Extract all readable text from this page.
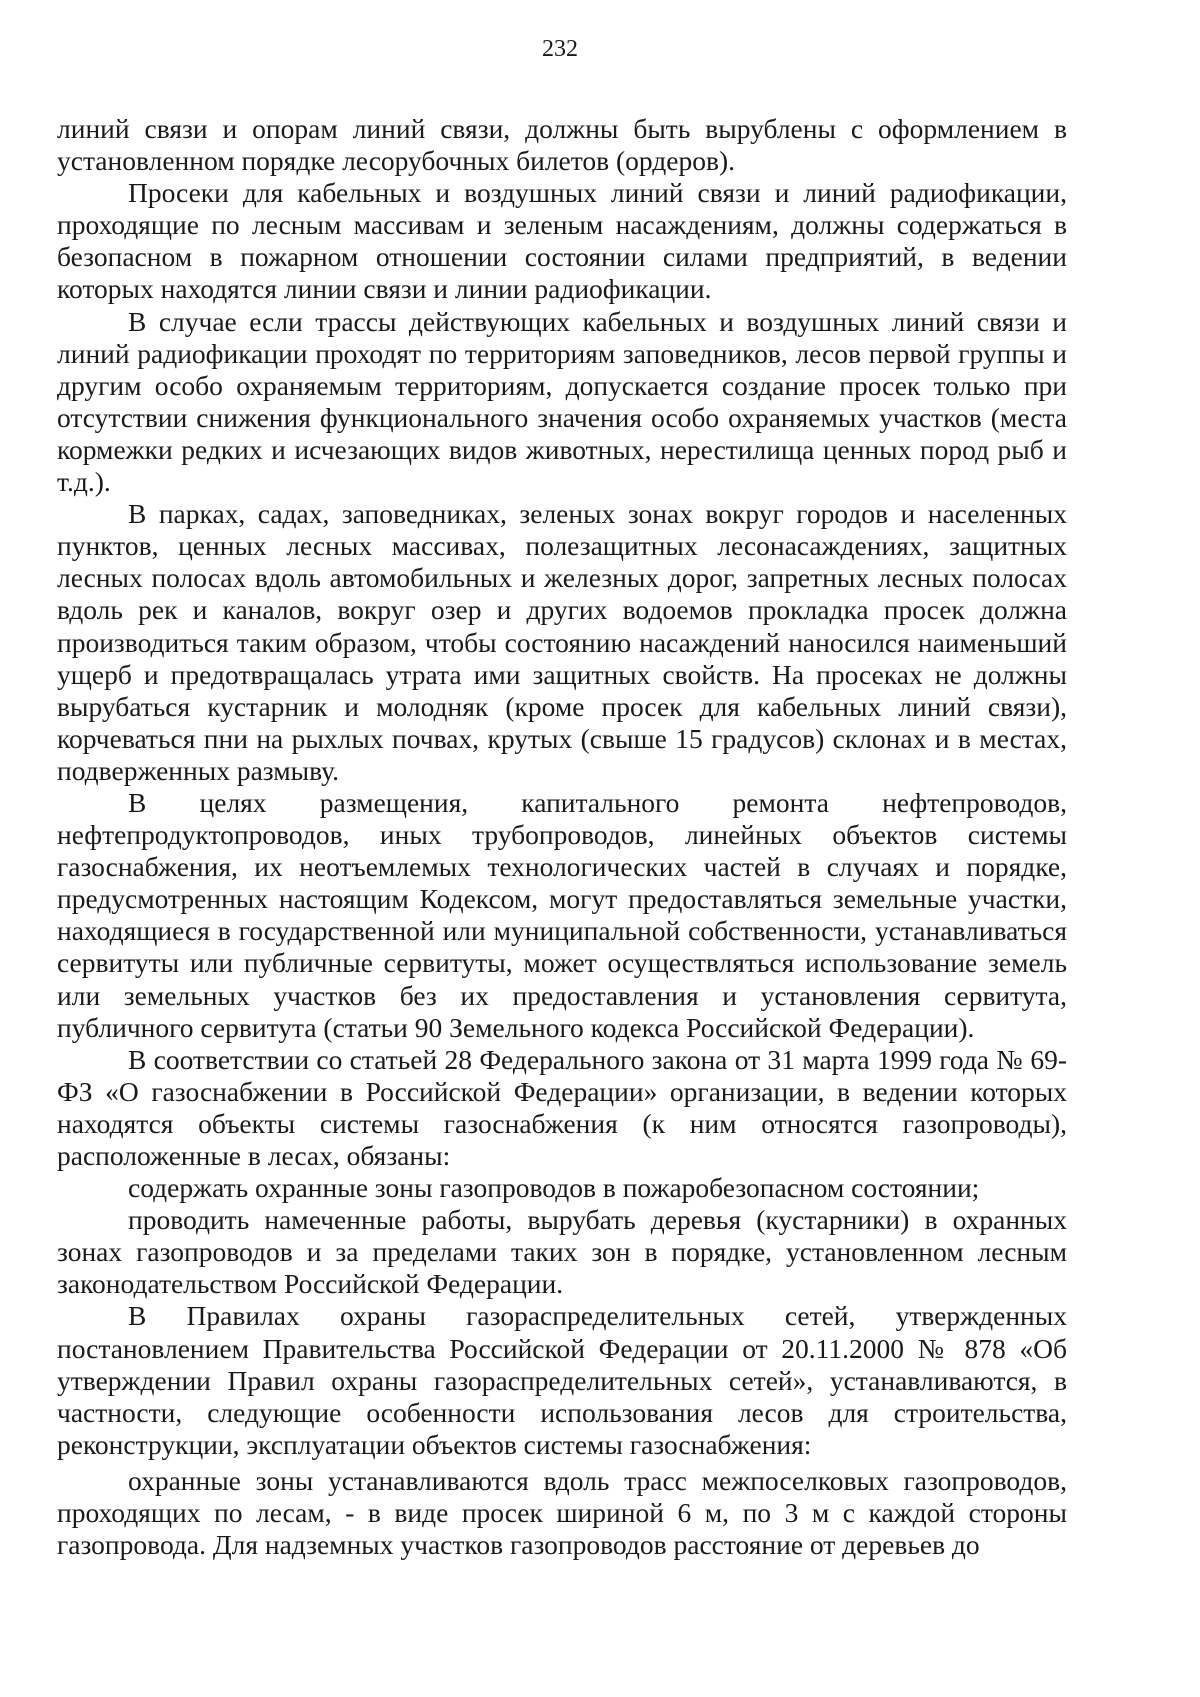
232

линий связи и опорам линий связи, должны быть вырублены с оформлением в установленном порядке лесорубочных билетов (ордеров).

Просеки для кабельных и воздушных линий связи и линий радиофикации, проходящие по лесным массивам и зеленым насаждениям, должны содержаться в безопасном в пожарном отношении состоянии силами предприятий, в ведении которых находятся линии связи и линии радиофикации.

В случае если трассы действующих кабельных и воздушных линий связи и линий радиофикации проходят по территориям заповедников, лесов первой группы и другим особо охраняемым территориям, допускается создание просек только при отсутствии снижения функционального значения особо охраняемых участков (места кормежки редких и исчезающих видов животных, нерестилища ценных пород рыб и т.д.).

В парках, садах, заповедниках, зеленых зонах вокруг городов и населенных пунктов, ценных лесных массивах, полезащитных лесонасаждениях, защитных лесных полосах вдоль автомобильных и железных дорог, запретных лесных полосах вдоль рек и каналов, вокруг озер и других водоемов прокладка просек должна производиться таким образом, чтобы состоянию насаждений наносился наименьший ущерб и предотвращалась утрата ими защитных свойств. На просеках не должны вырубаться кустарник и молодняк (кроме просек для кабельных линий связи), корчеваться пни на рыхлых почвах, крутых (свыше 15 градусов) склонах и в местах, подверженных размыву.

В целях размещения, капитального ремонта нефтепроводов, нефтепродуктопроводов, иных трубопроводов, линейных объектов системы газоснабжения, их неотъемлемых технологических частей в случаях и порядке, предусмотренных настоящим Кодексом, могут предоставляться земельные участки, находящиеся в государственной или муниципальной собственности, устанавливаться сервитуты или публичные сервитуты, может осуществляться использование земель или земельных участков без их предоставления и установления сервитута, публичного сервитута (статьи 90 Земельного кодекса Российской Федерации).

В соответствии со статьей 28 Федерального закона от 31 марта 1999 года № 69-ФЗ «О газоснабжении в Российской Федерации» организации, в ведении которых находятся объекты системы газоснабжения (к ним относятся газопроводы), расположенные в лесах, обязаны:

содержать охранные зоны газопроводов в пожаробезопасном состоянии;

проводить намеченные работы, вырубать деревья (кустарники) в охранных зонах газопроводов и за пределами таких зон в порядке, установленном лесным законодательством Российской Федерации.

В Правилах охраны газораспределительных сетей, утвержденных постановлением Правительства Российской Федерации от 20.11.2000 № 878 «Об утверждении Правил охраны газораспределительных сетей», устанавливаются, в частности, следующие особенности использования лесов для строительства, реконструкции, эксплуатации объектов системы газоснабжения:

охранные зоны устанавливаются вдоль трасс межпоселковых газопроводов, проходящих по лесам, - в виде просек шириной 6 м, по 3 м с каждой стороны газопровода. Для надземных участков газопроводов расстояние от деревьев до
